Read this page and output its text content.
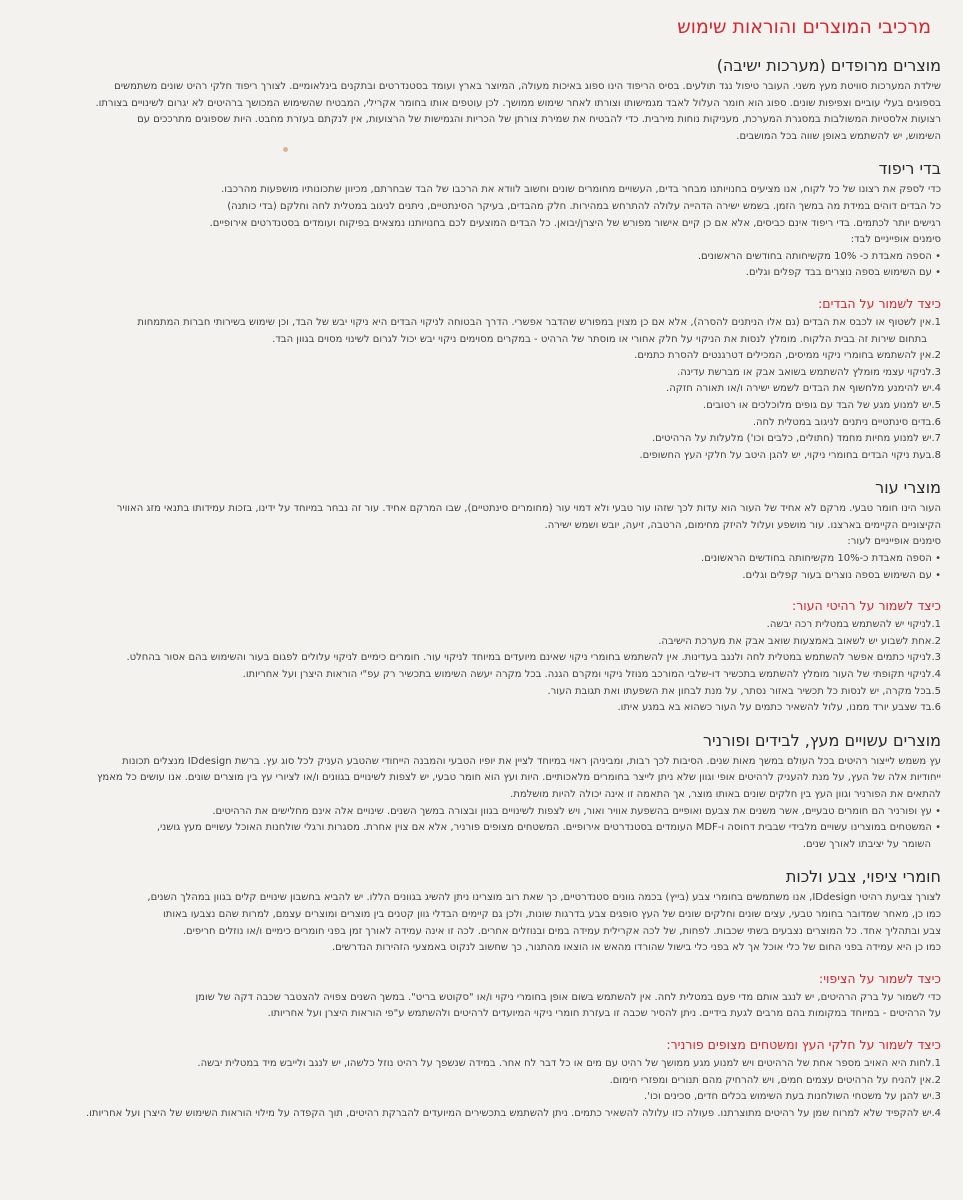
מרכיבי המוצרים והוראות שימוש
מוצרים מרופדים (מערכות ישיבה)

שילדת המערכות סוויטת מעץ משני. העובר טיפול נגד תולעים. בסיס הריפוד הינו ספוג באיכות מעולה, המיוצר בארץ ועומד בסטנדרטים ובתקנים בינלאומיים. לצורך ריפוד חלקי רהיט שונים משתמשים

בספוגים בעלי עוביים וצפיפות שונים. ספוג הוא חומר העלול לאבד מגמישותו וצורתו לאחר שימוש ממושך. לכן עוטפים אותו בחומר אקרילי, המבטיח שהשימוש המכושך ברהיטים לא יגרום לשינויים בצורתו.

רצועות אלסטיות המשולבות במסגרת המערכת, מעניקות נוחות מירבית. כדי להבטיח את שמירת צורתן של הכריות והגמישות של הרצועות, אין לנקתם בעזרת מחבט. היות שספוגים מתרככים עם

השימוש, יש להשתמש באופן שווה בכל המושבים.

בדי ריפוד

כדי לספק את רצונו של כל לקוח, אנו מציעים בחנויותנו מבחר בדים, העשויים מחומרים שונים וחשוב לוודא את הרכבו של הבד שבחרתם, מכיוון שתכונותיו מושפעות מהרכבו.

כל הבדים דוהים במידת מה במשך הזמן. בשמש ישירה הדהייה עלולה להתרחש במהירות. חלק מהבדים, בעיקר הסינתטיים, ניתנים לניגוב במטלית לחה וחלקם (בדי כותנה)

רגישים יותר לכתמים. בדי ריפוד אינם כביסים, אלא אם כן קיים אישור מפורש של היצרן/יבואן. כל הבדים המוצעים לכם בחנויותנו נמצאים בפיקוח ועומדים בסטנדרטים אירופיים.

סימנים אופייניים לבד:

• הספה מאבדת כ- 10% מקשיחותה בחודשים הראשונים.
• עם השימוש בספה נוצרים בבד קפלים וגלים.
כיצד לשמור על הבדים:
1.אין לשטוף או לכבס את הבדים (גם אלו הניתנים להסרה), אלא אם כן מצוין במפורש שהדבר אפשרי. הדרך הבטוחה לניקוי הבדים היא ניקוי יבש של הבד, וכן שימוש בשירותי חברות המתמחות
בתחום שירות זה בבית הלקוח. מומלץ לנסות את הניקוי על חלק אחורי או מוסתר של הרהיט - במקרים מסוימים ניקוי יבש יכול לגרום לשינוי מסוים בגוון הבד.
2.אין להשתמש בחומרי ניקוי ממיסים, המכילים דטרגנטים להסרת כתמים.
3.לניקוי עצמי מומלץ להשתמש בשואב אבק או מברשת עדינה.
4.יש להימנע מלחשוף את הבדים לשמש ישירה ו/או תאורה חזקה.
5.יש למנוע מגע של הבד עם גופים מלוכלכים או רטובים.
6.בדים סינתטיים ניתנים לניגוב במטלית לחה.
7.יש למנוע מחיות מחמד (חתולים, כלבים וכו') מלעלות על הרהיטים.
8.בעת ניקוי הבדים בחומרי ניקוי, יש להגן היטב על חלקי העץ החשופים.
מוצרי עור

העור הינו חומר טבעי. מרקם לא אחיד של העור הוא עדות לכך שזהו עור טבעי ולא דמוי עור (מחומרים סינתטיים), שבו המרקם אחיד. עור זה נבחר במיוחד על ידינו, בזכות עמידותו בתנאי מזג האוויר

הקיצוניים הקיימים בארצנו. עור מושפע ועלול להיזק מחימום, הרטבה, זיעה, יובש ושמש ישירה.

סימנים אופייניים לעור:

• הספה מאבדת כ-10% מקשיחותה בחודשים הראשונים.
• עם השימוש בספה נוצרים בעור קפלים וגלים.
כיצד לשמור על רהיטי העור:
1.לניקוי יש להשתמש במטלית רכה יבשה.
2.אחת לשבוע יש לשאוב באמצעות שואב אבק את מערכת הישיבה.
3.לניקוי כתמים אפשר להשתמש במטלית לחה ולנגב בעדינות. אין להשתמש בחומרי ניקוי שאינם מיועדים במיוחד לניקוי עור. חומרים כימיים לניקוי עלולים לפגום בעור והשימוש בהם אסור בהחלט.
4.לניקוי תקופתי של העור מומלץ להשתמש בתכשיר דו-שלבי המורכב מנוזל ניקוי ומקרם הגנה. בכל מקרה יעשה השימוש בתכשיר רק עפ"י הוראות היצרן ועל אחריותו.
5.בכל מקרה, יש לנסות כל תכשיר באזור נסתר, על מנת לבחון את השפעתו ואת תגובת העור.
6.בד שצבע יורד ממנו, עלול להשאיר כתמים על העור כשהוא בא במגע איתו.
מוצרים עשויים מעץ, לבידים ופורניר

עץ משמש לייצור רהיטים בכל העולם במשך מאות שנים. הסיבות לכך רבות, ומביניהן ראוי במיוחד לציין את יופיו הטבעי והמבנה הייחודי שהטבע העניק לכל סוג עץ. ברשת IDdesign מנצלים תכונות

ייחודיות אלה של העץ, על מנת להעניק לרהיטים אופי וגוון שלא ניתן לייצר בחומרים מלאכותיים. היות ועץ הוא חומר טבעי, יש לצפות לשינויים בגוונים ו/או לציורי עץ בין מוצרים שונים. אנו עושים כל מאמץ

להתאים את הפורניר וגוון העץ בין חלקים שונים באותו מוצר, אך התאמה זו אינה יכולה להיות מושלמת.

• עץ ופורניר הם חומרים טבעיים, אשר משנים את צבעם ואופיים בהשפעת אוויר ואור, ויש לצפות לשינויים בגוון ובצורה במשך השנים. שינויים אלה אינם מחלישים את הרהיטים.
• המשטחים במוצרינו עשויים מלבידי שבבית דחוסה ו-MDF העומדים בסטנדרטים אירופיים. המשטחים מצופים פורניר, אלא אם צוין אחרת. מסגרות ורגלי שולחנות האוכל עשויים מעץ גושני,
השומר על יציבתו לאורך שנים.
חומרי ציפוי, צבע ולכות

לצורך צביעת רהיטי IDdesign, אנו משתמשים בחומרי צבע (בייץ) בכמה גוונים סטנדרטיים, כך שאת רוב מוצרינו ניתן להשיג בגוונים הללו. יש להביא בחשבון שינויים קלים בגוון במהלך השנים,

כמו כן, מאחר שמדובר בחומר טבעי, עצים שונים וחלקים שונים של העץ סופגים צבע בדרגות שונות, ולכן גם קיימים הבדלי גוון קטנים בין מוצרים ומוצרים עצמם, למרות שהם נצבעו באותו

צבע ובתהליך אחד. כל המוצרים נצבעים בשתי שכבות. לפחות, של לכה אקרילית עמידה במים ובנוזלים אחרים. לכה זו אינה עמידה לאורך זמן בפני חומרים כימיים ו/או נוזלים חריפים.

כמו כן היא עמידה בפני החום של כלי אוכל אך לא בפני כלי בישול שהורדו מהאש או הוצאו מהתנור, כך שחשוב לנקוט באמצעי הזהירות הנדרשים.

כיצד לשמור על הציפוי:

כדי לשמור על ברק הרהיטים, יש לנגב אותם מדי פעם במטלית לחה. אין להשתמש בשום אופן בחומרי ניקוי ו/או "סקוטש בריט". במשך השנים צפויה להצטבר שכבה דקה של שומן

על הרהיטים - במיוחד במקומות בהם מרבים לגעת בידיים. ניתן להסיר שכבה זו בעזרת חומרי ניקוי המיועדים לרהיטים ולהשתמש ע"פי הוראות היצרן ועל אחריותו.

כיצד לשמור על חלקי העץ ומשטחים מצופים פורניר:
1.לחות היא האויב מספר אחת של הרהיטים ויש למנוע מגע ממושך של רהיט עם מים או כל דבר לח אחר. במידה שנשפך על רהיט נוזל כלשהו, יש לנגב ולייבש מיד במטלית יבשה.
2.אין להניח על הרהיטים עצמים חמים, ויש להרחיק מהם תנורים ומפזרי חימום.
3.יש להגן על משטחי השולחנות בעת השימוש בכלים חדים, סכינים וכו'.
4.יש להקפיד שלא למרוח שמן על רהיטים מתוצרתנו. פעולה כזו עלולה להשאיר כתמים. ניתן להשתמש בתכשירים המיועדים להברקת רהיטים, תוך הקפדה על מילוי הוראות השימוש של היצרן ועל אחריותו.
